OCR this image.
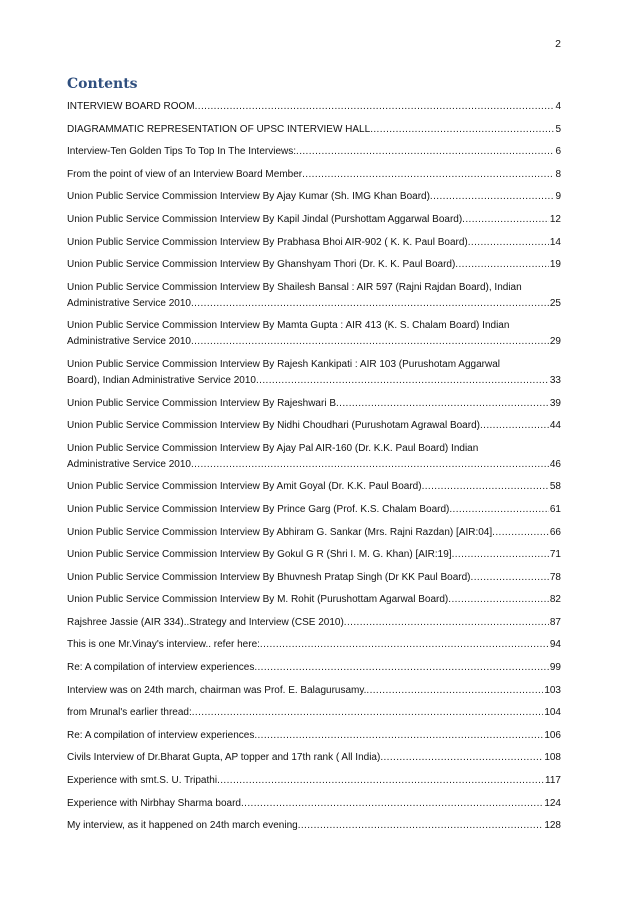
2
Contents
INTERVIEW BOARD ROOM .....	4
DIAGRAMMATIC REPRESENTATION OF UPSC INTERVIEW HALL .....	5
Interview-Ten Golden Tips To Top In The Interviews: .....	6
From the point of view of an Interview Board Member .....	8
Union Public Service Commission Interview By Ajay Kumar (Sh. IMG Khan Board) .....	9
Union Public Service Commission Interview By Kapil Jindal (Purshottam Aggarwal Board) .....	12
Union Public Service Commission Interview By Prabhasa Bhoi AIR-902 ( K. K. Paul Board) .....	14
Union Public Service Commission Interview By Ghanshyam Thori (Dr. K. K. Paul Board) .....	19
Union Public Service Commission Interview By Shailesh Bansal : AIR 597 (Rajni Rajdan Board), Indian
Administrative Service 2010 .....	25
Union Public Service Commission Interview By Mamta Gupta : AIR 413 (K. S. Chalam Board) Indian
Administrative Service 2010 .....	29
Union Public Service Commission Interview By Rajesh Kankipati : AIR 103 (Purushotam Aggarwal
Board), Indian Administrative Service 2010 .....	33
Union Public Service Commission Interview By Rajeshwari B .....	39
Union Public Service Commission Interview By Nidhi Choudhari (Purushotam Agrawal Board) .....	44
Union Public Service Commission Interview By Ajay Pal AIR-160 (Dr. K.K. Paul Board) Indian
Administrative Service 2010 .....	46
Union Public Service Commission Interview By Amit Goyal (Dr. K.K. Paul Board) .....	58
Union Public Service Commission Interview By Prince Garg (Prof. K.S. Chalam Board) .....	61
Union Public Service Commission Interview By Abhiram G. Sankar (Mrs. Rajni Razdan) [AIR:04] .....	66
Union Public Service Commission Interview By Gokul G R (Shri I. M. G. Khan) [AIR:19] .....	71
Union Public Service Commission Interview By Bhuvnesh Pratap Singh (Dr KK Paul Board) .....	78
Union Public Service Commission Interview By M. Rohit (Purushottam Agarwal Board) .....	82
Rajshree Jassie (AIR 334)..Strategy and Interview (CSE 2010) .....	87
This is one Mr.Vinay's interview.. refer here: .....	94
Re: A compilation of interview experiences .....	99
Interview was on 24th march, chairman was Prof. E. Balagurusamy. .....	103
from Mrunal's earlier thread: .....	104
Re: A compilation of interview experiences .....	106
Civils Interview of Dr.Bharat Gupta, AP topper and 17th rank ( All India) .....	108
Experience with smt.S. U. Tripathi .....	117
Experience with Nirbhay Sharma board .....	124
My interview, as it happened on 24th march evening .....	128
